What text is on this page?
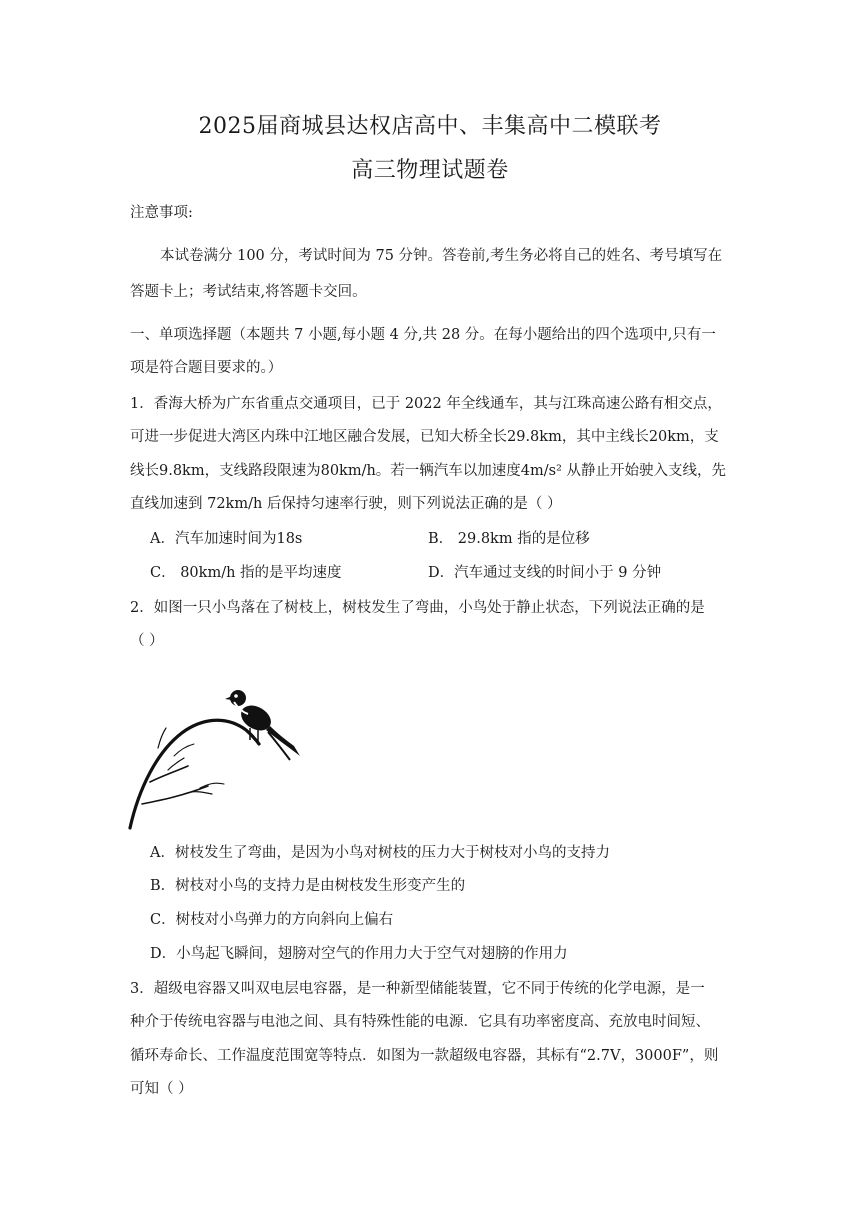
2025届商城县达权店高中、丰集高中二模联考
高三物理试题卷
注意事项:
本试卷满分 100 分，考试时间为 75 分钟。答卷前,考生务必将自己的姓名、考号填写在
答题卡上；考试结束,将答题卡交回。
一、单项选择题（本题共 7 小题,每小题 4 分,共 28 分。在每小题给出的四个选项中,只有一
项是符合题目要求的。）
1．香海大桥为广东省重点交通项目，已于 2022 年全线通车，其与江珠高速公路有相交点，
可进一步促进大湾区内珠中江地区融合发展，已知大桥全长29.8km，其中主线长20km，支
线长9.8km，支线路段限速为80km/h。若一辆汽车以加速度4m/s² 从静止开始驶入支线，先
直线加速到 72km/h 后保持匀速率行驶，则下列说法正确的是（ ）
A．汽车加速时间为18s	B． 29.8km 指的是位移
C． 80km/h 指的是平均速度	D．汽车通过支线的时间小于 9 分钟
2．如图一只小鸟落在了树枝上，树枝发生了弯曲，小鸟处于静止状态，下列说法正确的是
（ ）
A．树枝发生了弯曲，是因为小鸟对树枝的压力大于树枝对小鸟的支持力
B．树枝对小鸟的支持力是由树枝发生形变产生的
C．树枝对小鸟弹力的方向斜向上偏右
D．小鸟起飞瞬间，翅膀对空气的作用力大于空气对翅膀的作用力
3．超级电容器又叫双电层电容器，是一种新型储能装置，它不同于传统的化学电源，是一
种介于传统电容器与电池之间、具有特殊性能的电源．它具有功率密度高、充放电时间短、
循环寿命长、工作温度范围宽等特点．如图为一款超级电容器，其标有“2.7V，3000F”，则
可知（ ）
